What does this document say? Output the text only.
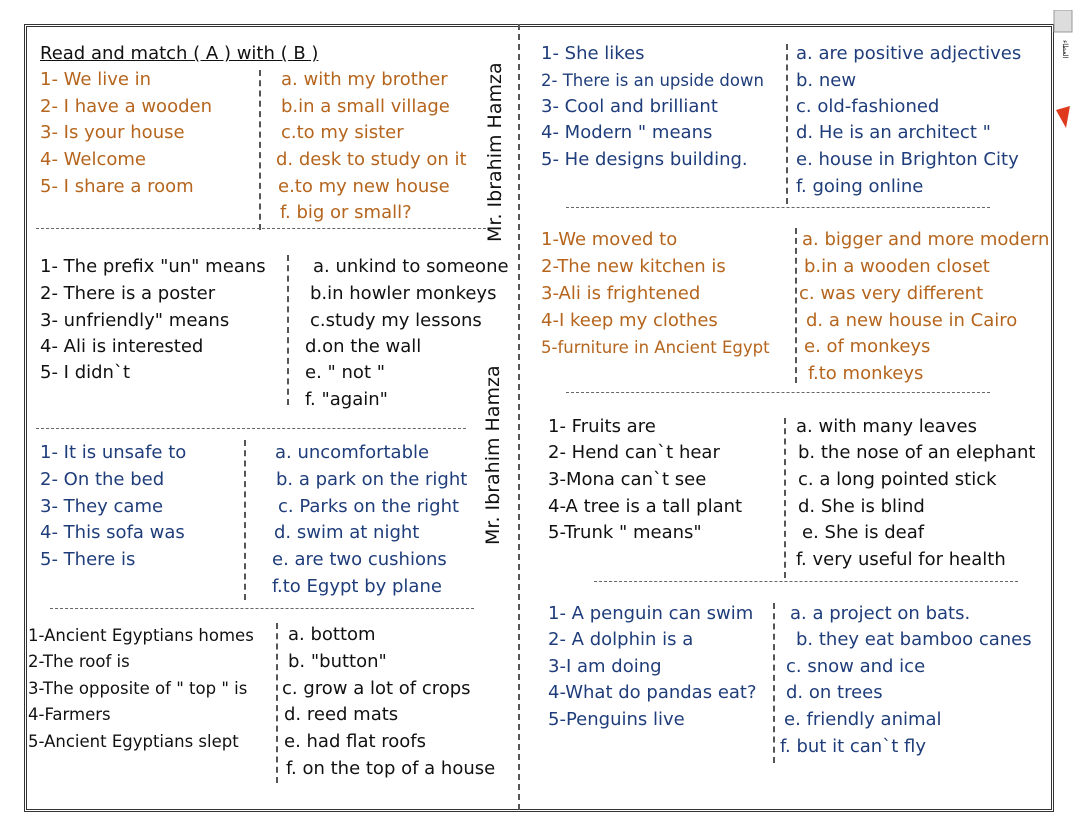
العطاء
Mr. Ibrahim Hamza
Mr. Ibrahim Hamza
Read and match ( A ) with ( B )
1- We live in
2- I have a wooden
3- Is your house
4- Welcome
5- I share a room
a. with my brother
b.in a small village
c.to my sister
d. desk to study on it
e.to my new house
f. big or small?
1- The prefix "un" means
2- There is a poster
3- unfriendly" means
4- Ali is interested
5- I didn`t
a. unkind to someone
b.in howler monkeys
c.study my lessons
d.on the wall
e. " not "
f. "again"
1- It is unsafe to
2- On the bed
3- They came
4- This sofa was
5- There is
a. uncomfortable
b. a park on the right
c. Parks on the right
d. swim at night
e. are two cushions
f.to Egypt by plane
1-Ancient Egyptians homes
2-The roof is
3-The opposite of " top " is
4-Farmers
5-Ancient Egyptians slept
a. bottom
b. "button"
c. grow a lot of crops
d. reed mats
e. had flat roofs
f. on the top of a house
1- She likes
2- There is an upside down
3- Cool and brilliant
4- Modern " means
5- He designs building.
a. are positive adjectives
b. new
c. old-fashioned
d. He is an architect "
e. house in Brighton City
f. going online
1-We moved to
2-The new kitchen is
3-Ali is frightened
4-I keep my clothes
5-furniture in Ancient Egypt
a. bigger and more modern
b.in a wooden closet
c. was very different
d. a new house in Cairo
e. of monkeys
f.to monkeys
1- Fruits are
2- Hend can`t hear
3-Mona can`t see
4-A tree is a tall plant
5-Trunk " means"
a. with many leaves
b. the nose of an elephant
c. a long pointed stick
d. She is blind
e. She is deaf
f. very useful for health
1- A penguin can swim
2- A dolphin is a
3-I am doing
4-What do pandas eat?
5-Penguins live
a. a project on bats.
b. they eat bamboo canes
c. snow and ice
d. on trees
e. friendly animal
f. but it can`t fly
